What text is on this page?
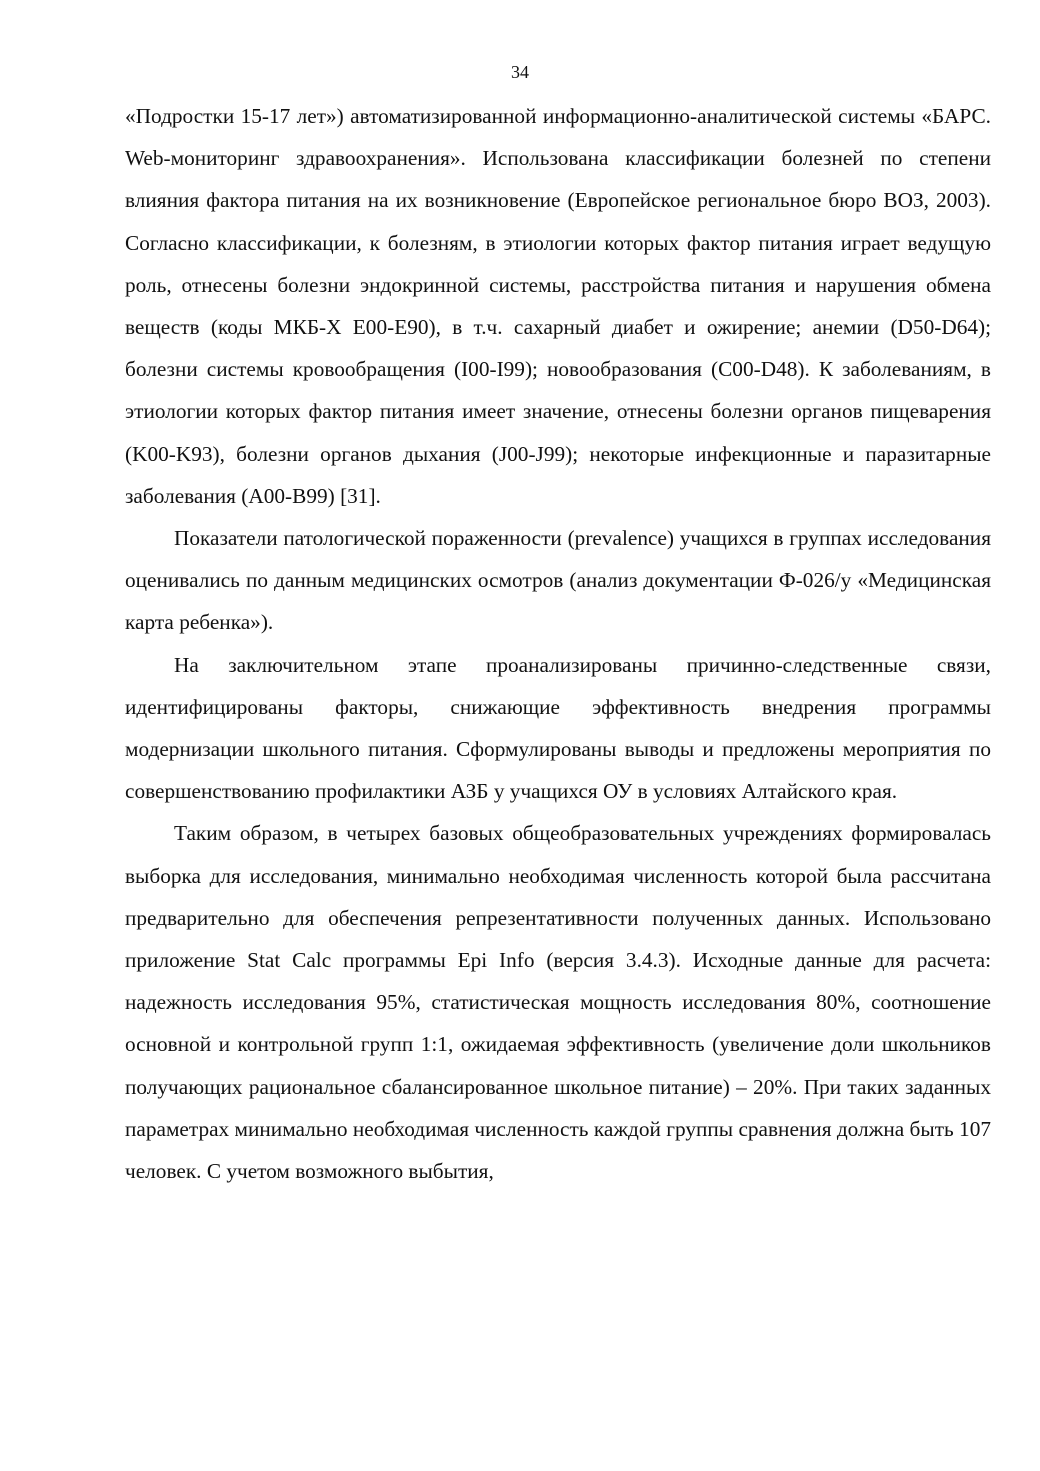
34

«Подростки 15-17 лет») автоматизированной информационно-аналитической системы «БАРС. Web-мониторинг здравоохранения». Использована классификации болезней по степени влияния фактора питания на их возникновение (Европейское региональное бюро ВОЗ, 2003). Согласно классификации, к болезням, в этиологии которых фактор питания играет ведущую роль, отнесены болезни эндокринной системы, расстройства питания и нарушения обмена веществ (коды МКБ-Х Е00-Е90), в т.ч. сахарный диабет и ожирение; анемии (D50-D64); болезни системы кровообращения (I00-I99); новообразования (С00-D48). К заболеваниям, в этиологии которых фактор питания имеет значение, отнесены болезни органов пищеварения (K00-K93), болезни органов дыхания (J00-J99); некоторые инфекционные и паразитарные заболевания (A00-B99) [31].

Показатели патологической пораженности (prevalence) учащихся в группах исследования оценивались по данным медицинских осмотров (анализ документации Ф-026/у «Медицинская карта ребенка»).

На заключительном этапе проанализированы причинно-следственные связи, идентифицированы факторы, снижающие эффективность внедрения программы модернизации школьного питания. Сформулированы выводы и предложены мероприятия по совершенствованию профилактики АЗБ у учащихся ОУ в условиях Алтайского края.

Таким образом, в четырех базовых общеобразовательных учреждениях формировалась выборка для исследования, минимально необходимая численность которой была рассчитана предварительно для обеспечения репрезентативности полученных данных. Использовано приложение Stat Calc программы Epi Info (версия 3.4.3). Исходные данные для расчета: надежность исследования 95%, статистическая мощность исследования 80%, соотношение основной и контрольной групп 1:1, ожидаемая эффективность (увеличение доли школьников получающих рациональное сбалансированное школьное питание) – 20%. При таких заданных параметрах минимально необходимая численность каждой группы сравнения должна быть 107 человек. С учетом возможного выбытия,
